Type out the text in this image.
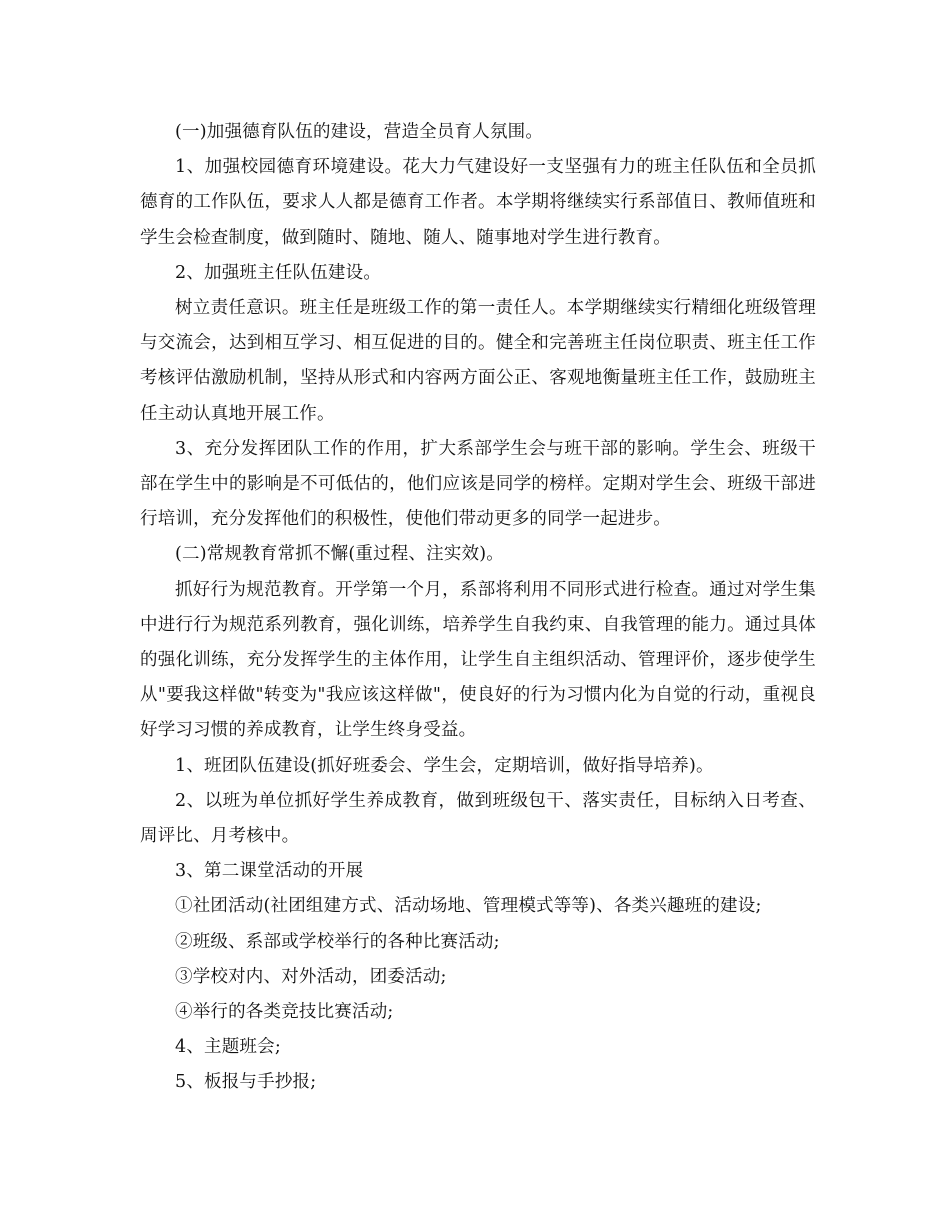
(一)加强德育队伍的建设，营造全员育人氛围。

1、加强校园德育环境建设。花大力气建设好一支坚强有力的班主任队伍和全员抓德育的工作队伍，要求人人都是德育工作者。本学期将继续实行系部值日、教师值班和学生会检查制度，做到随时、随地、随人、随事地对学生进行教育。

2、加强班主任队伍建设。

树立责任意识。班主任是班级工作的第一责任人。本学期继续实行精细化班级管理与交流会，达到相互学习、相互促进的目的。健全和完善班主任岗位职责、班主任工作考核评估激励机制，坚持从形式和内容两方面公正、客观地衡量班主任工作，鼓励班主任主动认真地开展工作。

3、充分发挥团队工作的作用，扩大系部学生会与班干部的影响。学生会、班级干部在学生中的影响是不可低估的，他们应该是同学的榜样。定期对学生会、班级干部进行培训，充分发挥他们的积极性，使他们带动更多的同学一起进步。

(二)常规教育常抓不懈(重过程、注实效)。

抓好行为规范教育。开学第一个月，系部将利用不同形式进行检查。通过对学生集中进行行为规范系列教育，强化训练，培养学生自我约束、自我管理的能力。通过具体的强化训练，充分发挥学生的主体作用，让学生自主组织活动、管理评价，逐步使学生从"要我这样做"转变为"我应该这样做"，使良好的行为习惯内化为自觉的行动，重视良好学习习惯的养成教育，让学生终身受益。

1、班团队伍建设(抓好班委会、学生会，定期培训，做好指导培养)。

2、以班为单位抓好学生养成教育，做到班级包干、落实责任，目标纳入日考查、周评比、月考核中。

3、第二课堂活动的开展

①社团活动(社团组建方式、活动场地、管理模式等等)、各类兴趣班的建设;

②班级、系部或学校举行的各种比赛活动;

③学校对内、对外活动，团委活动;

④举行的各类竞技比赛活动;

4、主题班会;

5、板报与手抄报;
